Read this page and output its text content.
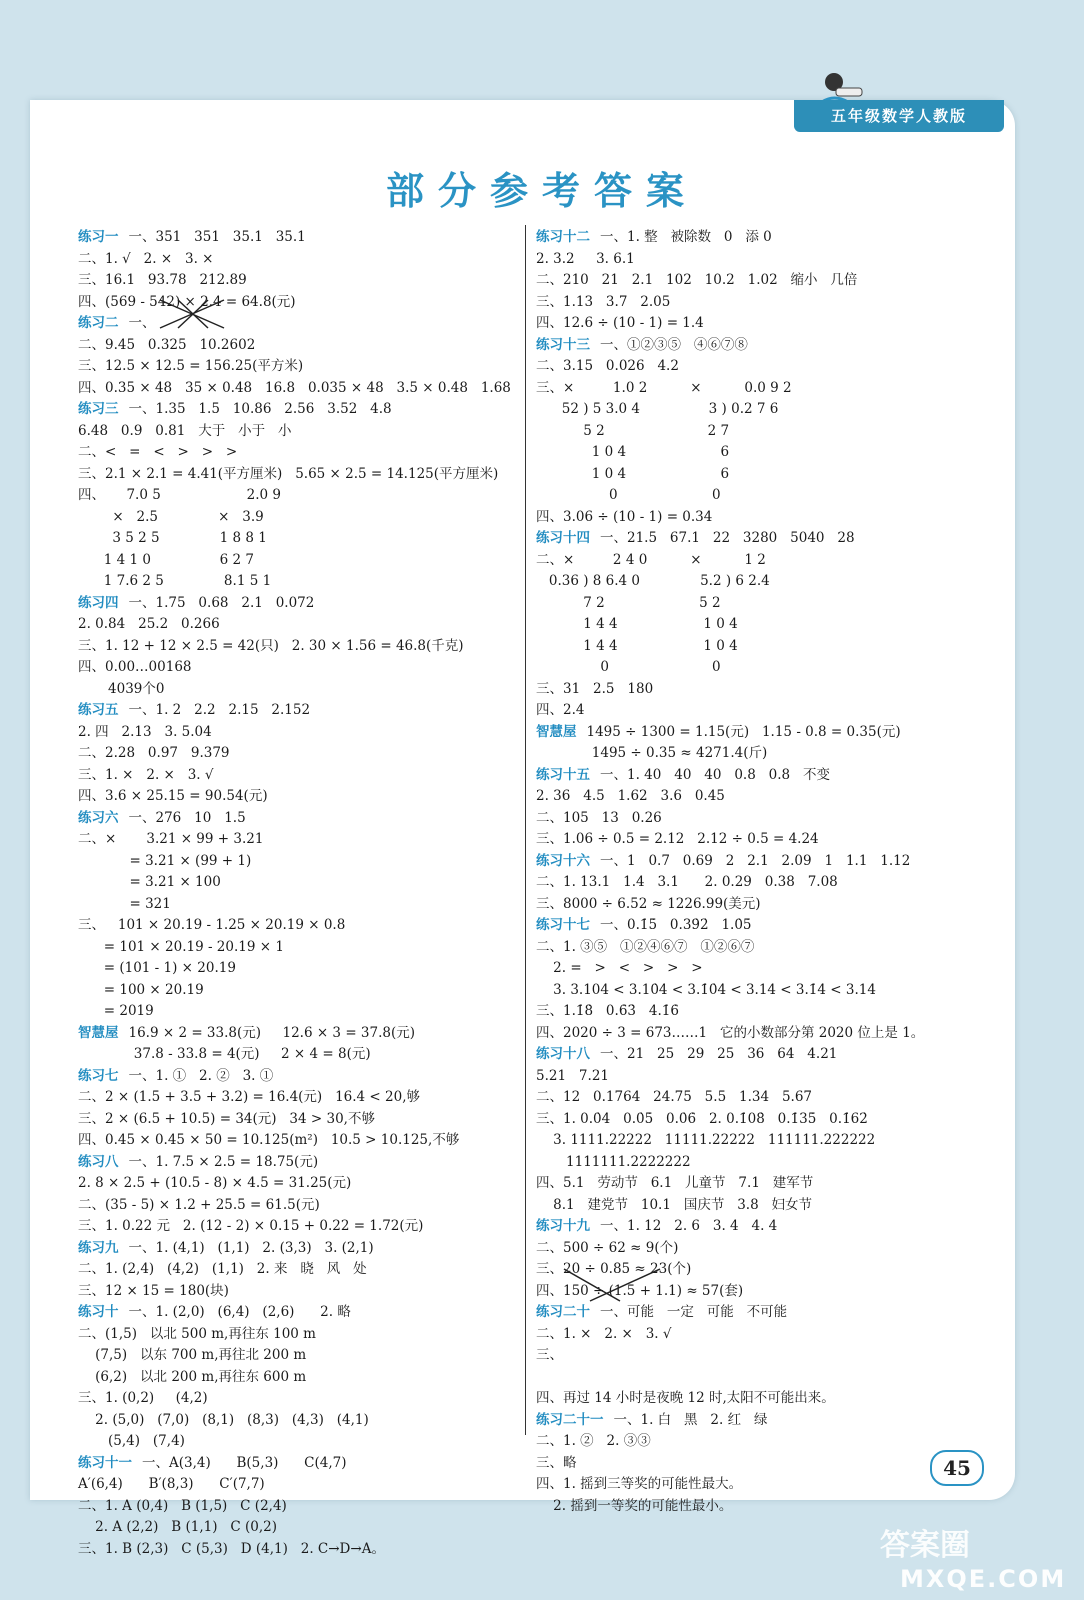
五年级数学人教版
部分参考答案
练习一 一、351   351   35.1   35.1
二、1. √   2. ×   3. ×
三、16.1   93.78   212.89
四、(569 - 542) × 2.4 = 64.8(元)
练习二 一、
二、9.45   0.325   10.2602
三、12.5 × 12.5 = 156.25(平方米)
四、0.35 × 48   35 × 0.48   16.8   0.035 × 48   3.5 × 0.48   1.68
练习三 一、1.35   1.5   10.86   2.56   3.52   4.8
6.48   0.9   0.81   大于   小于   小
二、<   =   <   >   >   >
三、2.1 × 2.1 = 4.41(平方厘米)   5.65 × 2.5 = 14.125(平方厘米)
四、     7.0 5                    2.0 9
×   2.5              ×   3.9
3 5 2 5              1 8 8 1
1 4 1 0                6 2 7
1 7.6 2 5              8.1 5 1
练习四 一、1.75   0.68   2.1   0.072
2. 0.84   25.2   0.266
三、1. 12 + 12 × 2.5 = 42(只)   2. 30 × 1.56 = 46.8(千克)
四、0.00…00168
4039个0
练习五 一、1. 2   2.2   2.15   2.152
2. 四   2.13   3. 5.04
二、2.28   0.97   9.379
三、1. ×   2. ×   3. √
四、3.6 × 25.15 = 90.54(元)
练习六 一、276   10   1.5
二、×       3.21 × 99 + 3.21
= 3.21 × (99 + 1)
= 3.21 × 100
= 321
三、   101 × 20.19 - 1.25 × 20.19 × 0.8
= 101 × 20.19 - 20.19 × 1
= (101 - 1) × 20.19
= 100 × 20.19
= 2019
智慧屋 16.9 × 2 = 33.8(元)     12.6 × 3 = 37.8(元)
37.8 - 33.8 = 4(元)     2 × 4 = 8(元)
练习七 一、1. ①   2. ②   3. ①
二、2 × (1.5 + 3.5 + 3.2) = 16.4(元)   16.4 < 20,够
三、2 × (6.5 + 10.5) = 34(元)   34 > 30,不够
四、0.45 × 0.45 × 50 = 10.125(m²)   10.5 > 10.125,不够
练习八 一、1. 7.5 × 2.5 = 18.75(元)
2. 8 × 2.5 + (10.5 - 8) × 4.5 = 31.25(元)
二、(35 - 5) × 1.2 + 25.5 = 61.5(元)
三、1. 0.22 元   2. (12 - 2) × 0.15 + 0.22 = 1.72(元)
练习九 一、1. (4,1)   (1,1)   2. (3,3)   3. (2,1)
二、1. (2,4)   (4,2)   (1,1)   2. 来   晓   风   处
三、12 × 15 = 180(块)
练习十 一、1. (2,0)   (6,4)   (2,6)      2. 略
二、(1,5)   以北 500 m,再往东 100 m
(7,5)   以东 700 m,再往北 200 m
(6,2)   以北 200 m,再往东 600 m
三、1. (0,2)     (4,2)
2. (5,0)   (7,0)   (8,1)   (8,3)   (4,3)   (4,1)
(5,4)   (7,4)
练习十一 一、A(3,4)      B(5,3)      C(4,7)
A′(6,4)      B′(8,3)      C′(7,7)
二、1. A (0,4)   B (1,5)   C (2,4)
2. A (2,2)   B (1,1)   C (0,2)
三、1. B (2,3)   C (5,3)   D (4,1)   2. C→D→A。
练习十二 一、1. 整   被除数   0   添 0
2. 3.2     3. 6.1
二、210   21   2.1   102   10.2   1.02   缩小   几倍
三、1.13   3.7   2.05
四、12.6 ÷ (10 - 1) = 1.4
练习十三 一、①②③⑤   ④⑥⑦⑧
二、3.15   0.026   4.2
三、×         1.0 2          ×          0.0 9 2
52 ) 5 3.0 4                3 ) 0.2 7 6
5 2                        2 7
1 0 4                      6
1 0 4                      6
0                      0
四、3.06 ÷ (10 - 1) = 0.34
练习十四 一、21.5   67.1   22   3280   5040   28
二、×         2 4 0          ×          1 2
0.36 ) 8 6.4 0              5.2 ) 6 2.4
7 2                      5 2
1 4 4                    1 0 4
1 4 4                    1 0 4
0                        0
三、31   2.5   180
四、2.4
智慧屋 1495 ÷ 1300 = 1.15(元)   1.15 - 0.8 = 0.35(元)
1495 ÷ 0.35 ≈ 4271.4(斤)
练习十五 一、1. 40   40   40   0.8   0.8   不变
2. 36   4.5   1.62   3.6   0.45
二、105   13   0.26
三、1.06 ÷ 0.5 = 2.12   2.12 ÷ 0.5 = 4.24
练习十六 一、1   0.7   0.69   2   2.1   2.09   1   1.1   1.12
二、1. 13.1   1.4   3.1      2. 0.29   0.38   7.08
三、8000 ÷ 6.52 ≈ 1226.99(美元)
练习十七 一、0.1̇5̇   0.39̇2̇   1.0̇5̇
二、1. ③⑤   ①②④⑥⑦   ①②⑥⑦
2. =   >   <   >   >   >
3. 3.104 < 3.10̇4̇ < 3.1̇0̇4̇ < 3.14 < 3.1̇4̇ < 3.14̇
三、1.1̇8̇   0.6̇3̇   4.1̇6̇
四、2020 ÷ 3 = 673……1   它的小数部分第 2020 位上是 1。
练习十八 一、21   25   29   25   36   64   4.21
5.21   7.21
二、12   0.1764   24.75   5.5   1.34   5.67
三、1. 0.0̇4̇   0.0̇5̇   0.0̇6̇   2. 0.1̇08̇   0.1̇35̇   0.1̇62̇
3. 1111.22222   11111.22222   111111.222222
1111111.2222222
四、5.1   劳动节   6.1   儿童节   7.1   建军节
8.1   建党节   10.1   国庆节   3.8   妇女节
练习十九 一、1. 12   2. 6   3. 4   4. 4
二、500 ÷ 62 ≈ 9(个)
三、20 ÷ 0.85 ≈ 23(个)
四、150 ÷ (1.5 + 1.1) ≈ 57(套)
练习二十 一、可能   一定   可能   不可能
二、1. ×   2. ×   3. √
三、
四、再过 14 小时是夜晚 12 时,太阳不可能出来。
练习二十一 一、1. 白   黑   2. 红   绿
二、1. ②   2. ③③
三、略
四、1. 摇到三等奖的可能性最大。
2. 摇到一等奖的可能性最小。
45
答案圈
MXQE.COM
